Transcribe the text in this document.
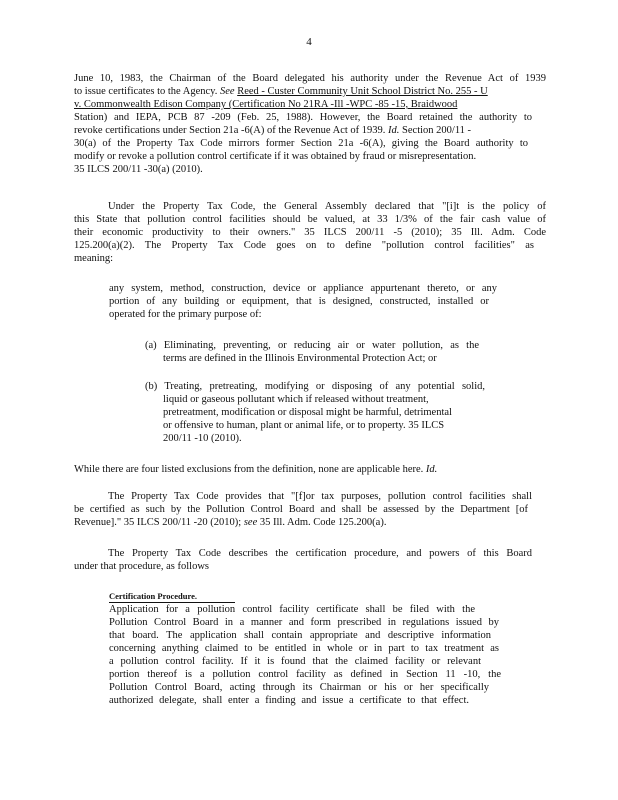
4
June 10, 1983, the Chairman of the Board delegated his authority under the Revenue Act of 1939
to issue certificates to the Agency. See Reed - Custer Community Unit School District No. 255 - U
v. Commonwealth Edison Company (Certification No 21RA -Ill -WPC -85 -15, Braidwood
Station) and IEPA, PCB 87 -209 (Feb. 25, 1988). However, the Board retained the authority to
revoke certifications under Section 21a -6(A) of the Revenue Act of 1939. Id. Section 200/11 -
30(a) of the Property Tax Code mirrors former Section 21a -6(A), giving the Board authority to
modify or revoke a pollution control certificate if it was obtained by fraud or misrepresentation.
35 ILCS 200/11 -30(a) (2010).
Under the Property Tax Code, the General Assembly declared that "[i]t is the policy of
this State that pollution control facilities should be valued, at 33 1/3% of the fair cash value of
their economic productivity to their owners." 35 ILCS 200/11 -5 (2010); 35 Ill. Adm. Code
125.200(a)(2). The Property Tax Code goes on to define "pollution control facilities" as
meaning:
any system, method, construction, device or appliance appurtenant thereto, or any
portion of any building or equipment, that is designed, constructed, installed or
operated for the primary purpose of:
(a) Eliminating, preventing, or reducing air or water pollution, as the
terms are defined in the Illinois Environmental Protection Act; or
(b) Treating, pretreating, modifying or disposing of any potential solid,
liquid or gaseous pollutant which if released without treatment,
pretreatment, modification or disposal might be harmful, detrimental
or offensive to human, plant or animal life, or to property. 35 ILCS
200/11 -10 (2010).
While there are four listed exclusions from the definition, none are applicable here. Id.
The Property Tax Code provides that "[f]or tax purposes, pollution control facilities shall
be certified as such by the Pollution Control Board and shall be assessed by the Department [of
Revenue]." 35 ILCS 200/11 -20 (2010); see 35 Ill. Adm. Code 125.200(a).
The Property Tax Code describes the certification procedure, and powers of this Board
under that procedure, as follows
Certification Procedure.
Application for a pollution control facility certificate shall be filed with the
Pollution Control Board in a manner and form prescribed in regulations issued by
that board. The application shall contain appropriate and descriptive information
concerning anything claimed to be entitled in whole or in part to tax treatment as
a pollution control facility. If it is found that the claimed facility or relevant
portion thereof is a pollution control facility as defined in Section 11 -10, the
Pollution Control Board, acting through its Chairman or his or her specifically
authorized delegate, shall enter a finding and issue a certificate to that effect.
